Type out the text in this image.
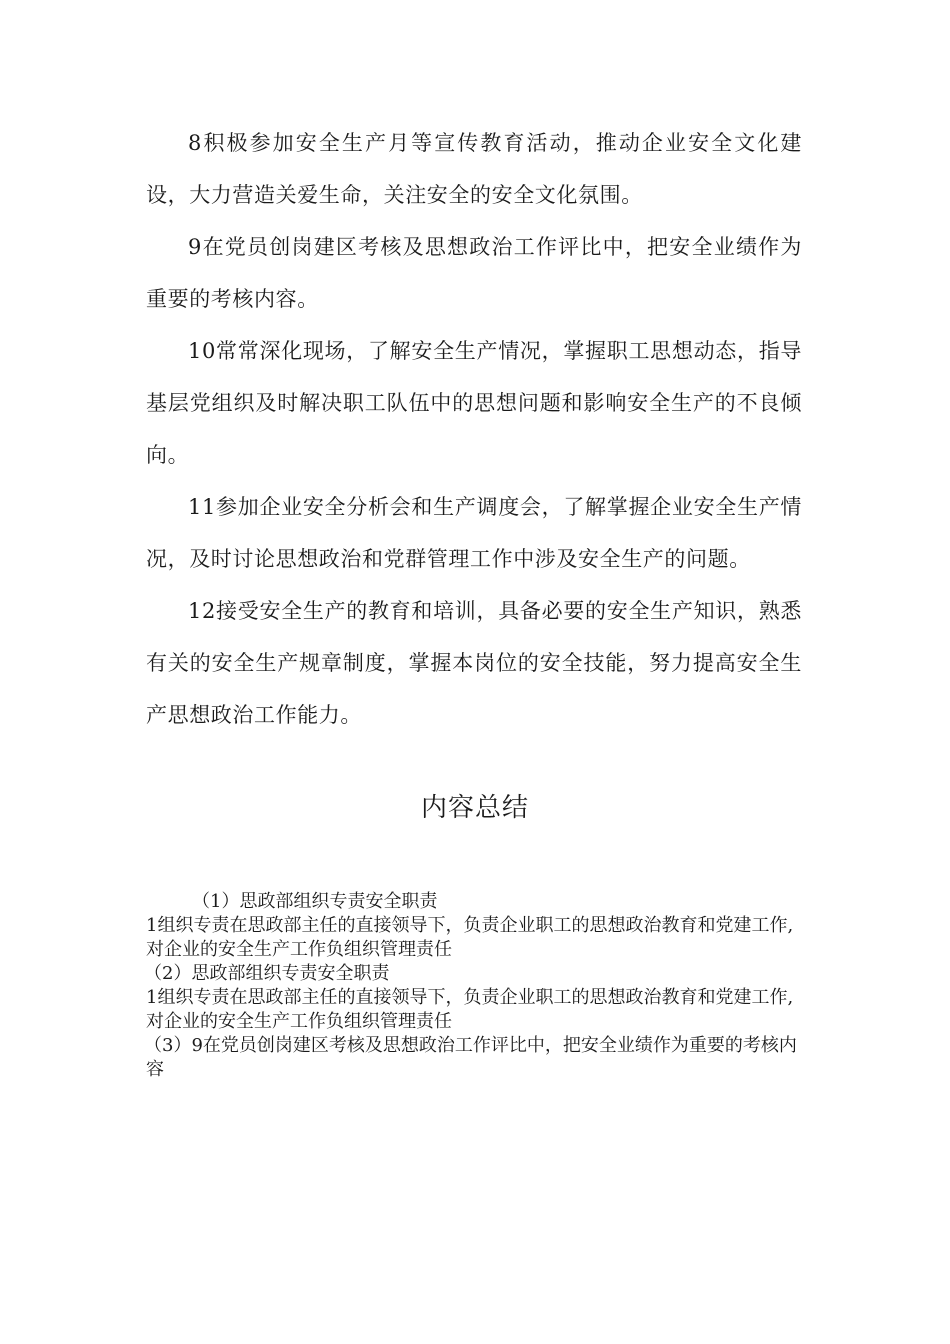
8积极参加安全生产月等宣传教育活动，推动企业安全文化建设，大力营造关爱生命，关注安全的安全文化氛围。

9在党员创岗建区考核及思想政治工作评比中，把安全业绩作为重要的考核内容。

10常常深化现场，了解安全生产情况，掌握职工思想动态，指导基层党组织及时解决职工队伍中的思想问题和影响安全生产的不良倾向。

11参加企业安全分析会和生产调度会，了解掌握企业安全生产情况，及时讨论思想政治和党群管理工作中涉及安全生产的问题。

12接受安全生产的教育和培训，具备必要的安全生产知识，熟悉有关的安全生产规章制度，掌握本岗位的安全技能，努力提高安全生产思想政治工作能力。

内容总结

（1）思政部组织专责安全职责

1组织专责在思政部主任的直接领导下，负责企业职工的思想政治教育和党建工作,对企业的安全生产工作负组织管理责任

（2）思政部组织专责安全职责

1组织专责在思政部主任的直接领导下，负责企业职工的思想政治教育和党建工作,对企业的安全生产工作负组织管理责任

（3）9在党员创岗建区考核及思想政治工作评比中，把安全业绩作为重要的考核内容
